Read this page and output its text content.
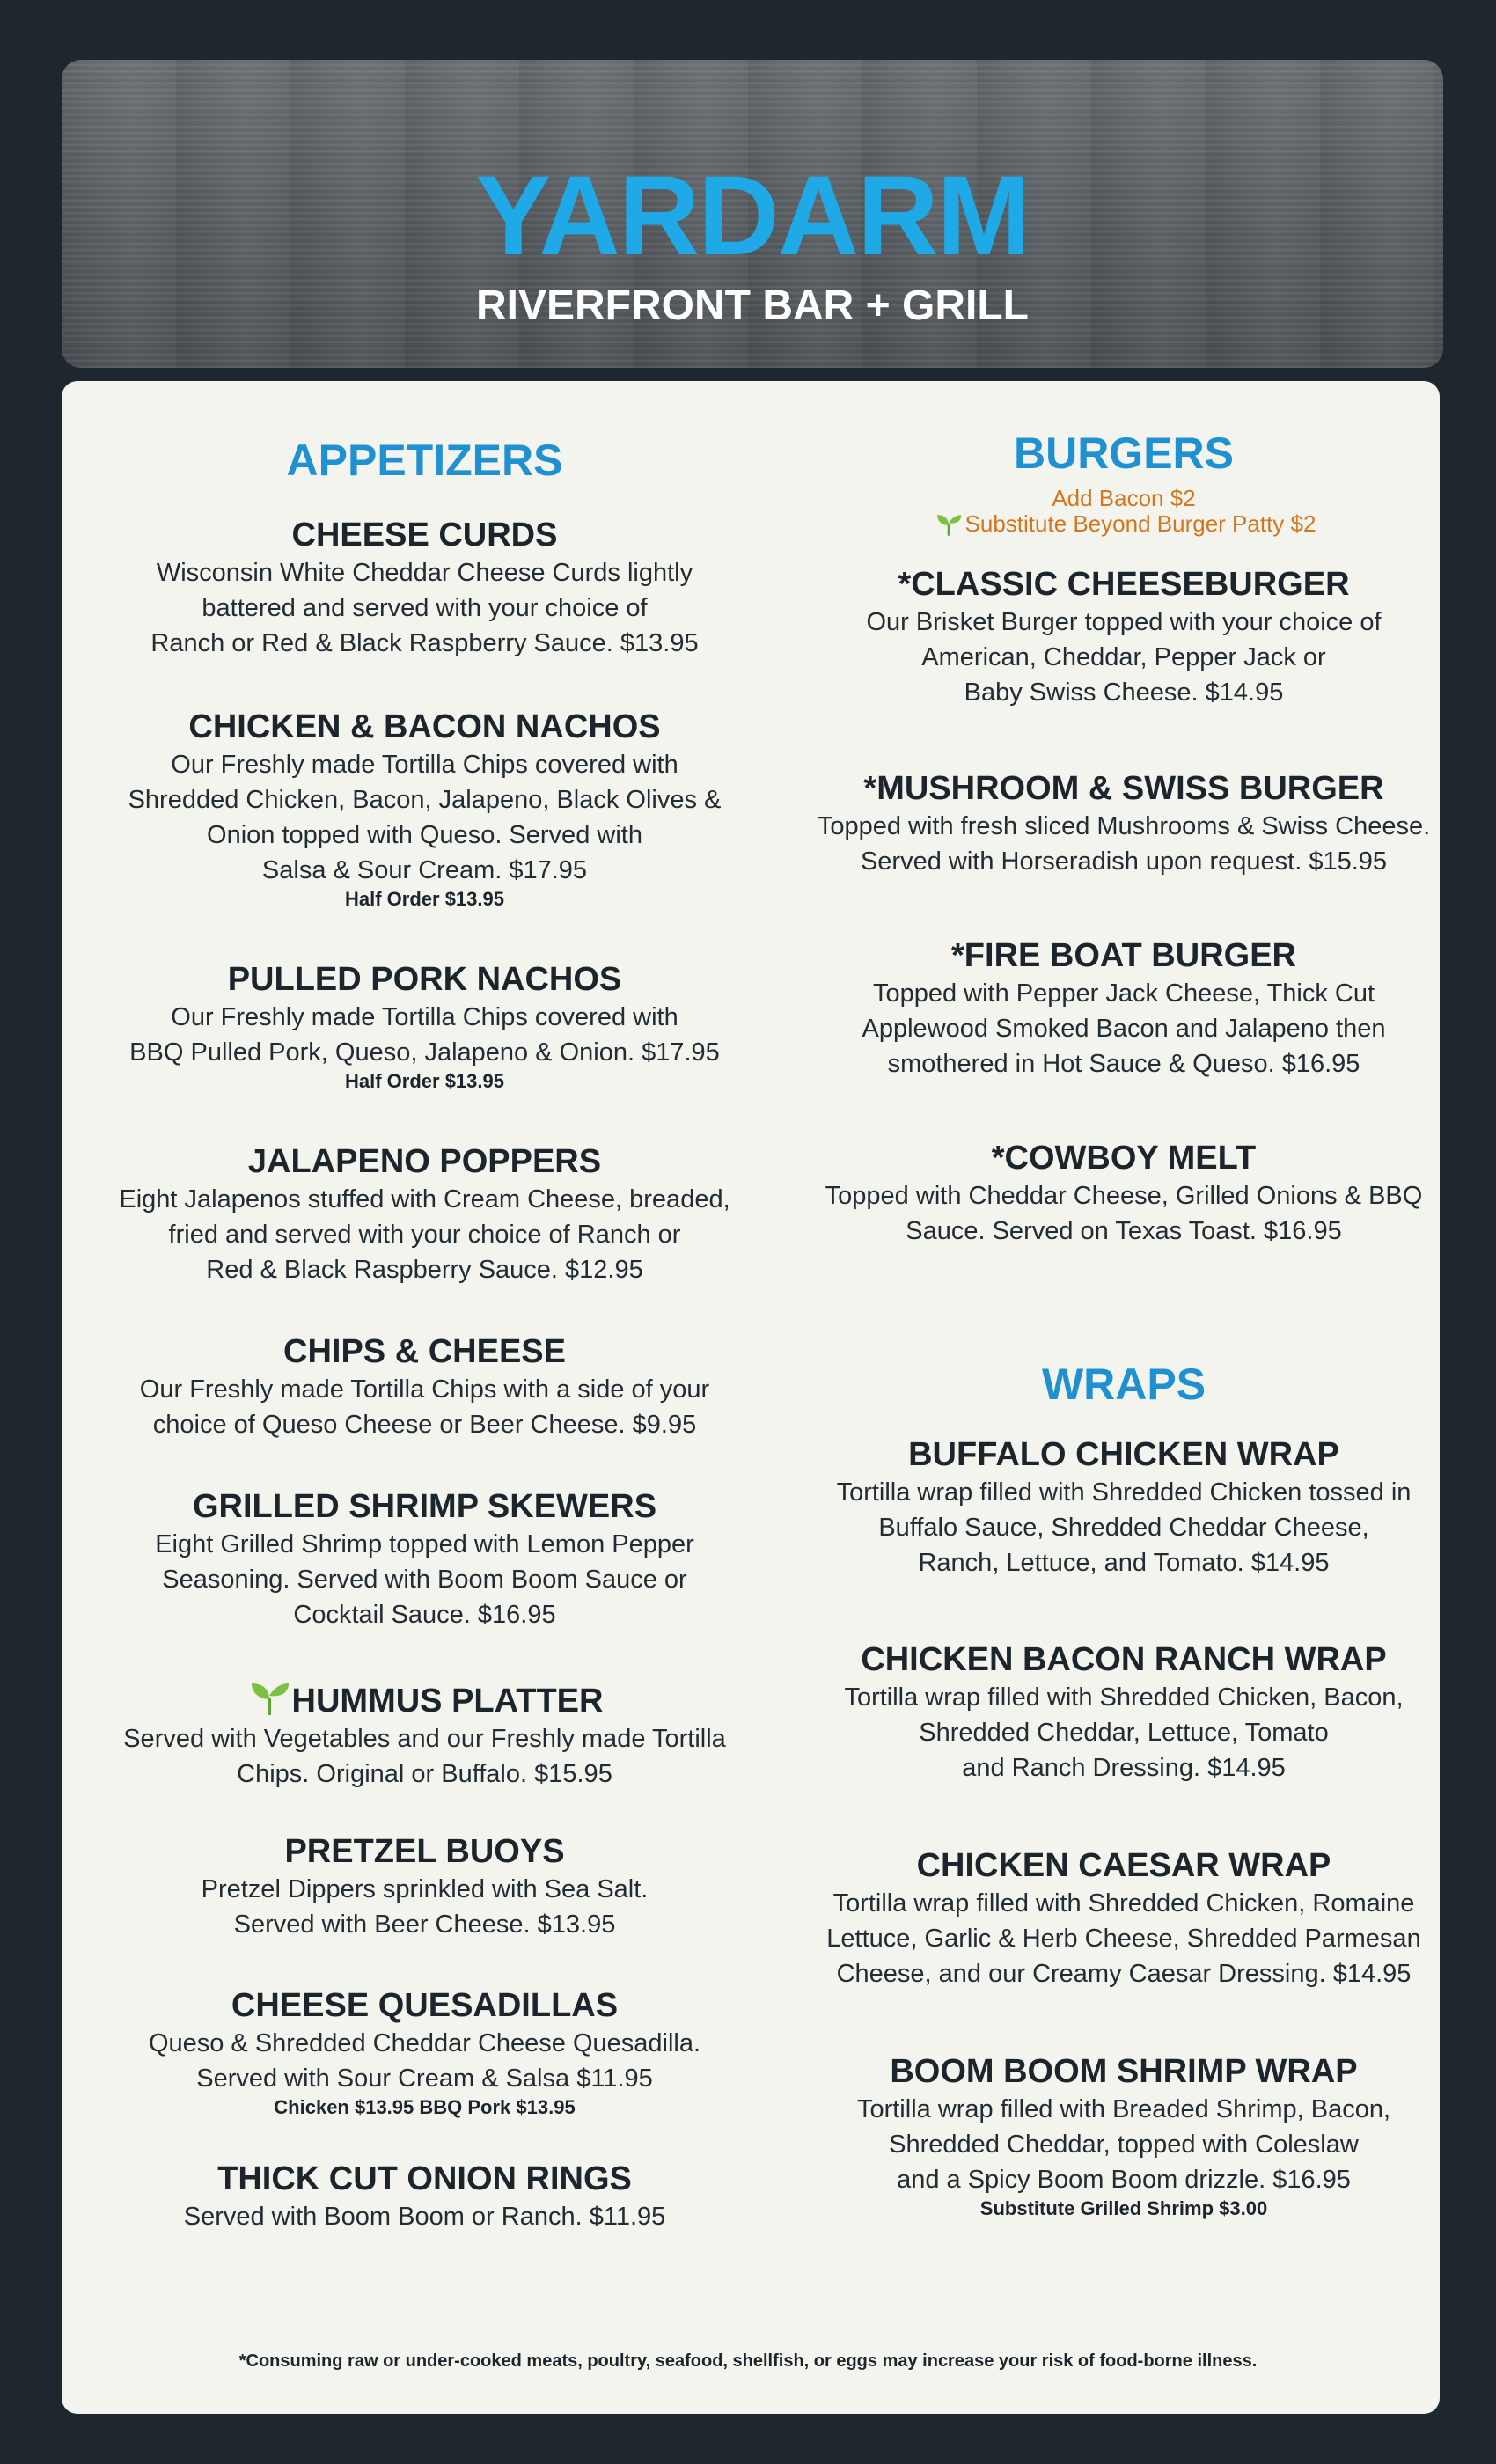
YARDARM
RIVERFRONT BAR + GRILL
APPETIZERS
CHEESE CURDS
Wisconsin White Cheddar Cheese Curds lightly
battered and served with your choice of
Ranch or Red & Black Raspberry Sauce. $13.95
CHICKEN & BACON NACHOS
Our Freshly made Tortilla Chips covered with
Shredded Chicken, Bacon, Jalapeno, Black Olives &
Onion topped with Queso. Served with
Salsa & Sour Cream. $17.95
Half Order $13.95
PULLED PORK NACHOS
Our Freshly made Tortilla Chips covered with
BBQ Pulled Pork, Queso, Jalapeno & Onion. $17.95
Half Order $13.95
JALAPENO POPPERS
Eight Jalapenos stuffed with Cream Cheese, breaded,
fried and served with your choice of Ranch or
Red & Black Raspberry Sauce. $12.95
CHIPS & CHEESE
Our Freshly made Tortilla Chips with a side of your
choice of Queso Cheese or Beer Cheese. $9.95
GRILLED SHRIMP SKEWERS
Eight Grilled Shrimp topped with Lemon Pepper
Seasoning. Served with Boom Boom Sauce or
Cocktail Sauce. $16.95
HUMMUS PLATTER
Served with Vegetables and our Freshly made Tortilla
Chips. Original or Buffalo. $15.95
PRETZEL BUOYS
Pretzel Dippers sprinkled with Sea Salt.
Served with Beer Cheese. $13.95
CHEESE QUESADILLAS
Queso & Shredded Cheddar Cheese Quesadilla.
Served with Sour Cream & Salsa $11.95
Chicken $13.95 BBQ Pork $13.95
THICK CUT ONION RINGS
Served with Boom Boom or Ranch. $11.95
BURGERS
Add Bacon $2
Substitute Beyond Burger Patty $2
*CLASSIC CHEESEBURGER
Our Brisket Burger topped with your choice of
American, Cheddar, Pepper Jack or
Baby Swiss Cheese. $14.95
*MUSHROOM & SWISS BURGER
Topped with fresh sliced Mushrooms & Swiss Cheese.
Served with Horseradish upon request. $15.95
*FIRE BOAT BURGER
Topped with Pepper Jack Cheese, Thick Cut
Applewood Smoked Bacon and Jalapeno then
smothered in Hot Sauce & Queso. $16.95
*COWBOY MELT
Topped with Cheddar Cheese, Grilled Onions & BBQ
Sauce. Served on Texas Toast. $16.95
WRAPS
BUFFALO CHICKEN WRAP
Tortilla wrap filled with Shredded Chicken tossed in
Buffalo Sauce, Shredded Cheddar Cheese,
Ranch, Lettuce, and Tomato. $14.95
CHICKEN BACON RANCH WRAP
Tortilla wrap filled with Shredded Chicken, Bacon,
Shredded Cheddar, Lettuce, Tomato
and Ranch Dressing. $14.95
CHICKEN CAESAR WRAP
Tortilla wrap filled with Shredded Chicken, Romaine
Lettuce, Garlic & Herb Cheese, Shredded Parmesan
Cheese, and our Creamy Caesar Dressing. $14.95
BOOM BOOM SHRIMP WRAP
Tortilla wrap filled with Breaded Shrimp, Bacon,
Shredded Cheddar, topped with Coleslaw
and a Spicy Boom Boom drizzle. $16.95
Substitute Grilled Shrimp $3.00
*Consuming raw or under-cooked meats, poultry, seafood, shellfish, or eggs may increase your risk of food-borne illness.
